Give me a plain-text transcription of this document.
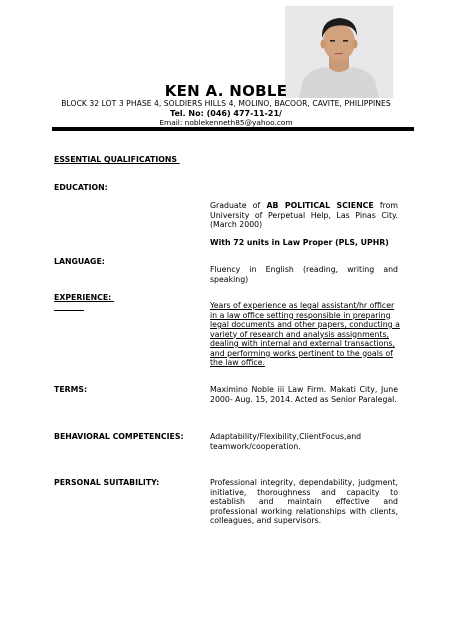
KEN A. NOBLE
BLOCK 32 LOT 3 PHASE 4, SOLDIERS HILLS 4, MOLINO, BACOOR, CAVITE, PHILIPPINES
Tel. No: (046) 477-11-21/
Email: noblekenneth85@yahoo.com
ESSENTIAL QUALIFICATIONS
EDUCATION:
Graduate of AB POLITICAL SCIENCE from University of Perpetual Help, Las Pinas City. (March 2000)
With 72 units in Law Proper (PLS, UPHR)
LANGUAGE:
Fluency in English (reading, writing and speaking)
EXPERIENCE:
Years of experience as legal assistant/hr officer
in a law office setting responsible in preparing
legal documents and other papers, conducting a
variety of research and analysis assignments,
dealing with internal and external transactions,
and performing works pertinent to the goals of
the law office.
TERMS:	Maximino Noble iii Law Firm. Makati City, June 2000- Aug. 15, 2014. Acted as Senior Paralegal.
BEHAVIORAL COMPETENCIES:	Adaptability/Flexibility,ClientFocus,and teamwork/cooperation.
PERSONAL SUITABILITY:	Professional integrity, dependability, judgment, initiative, thoroughness and capacity to establish and maintain effective and professional working relationships with clients, colleagues, and supervisors.
